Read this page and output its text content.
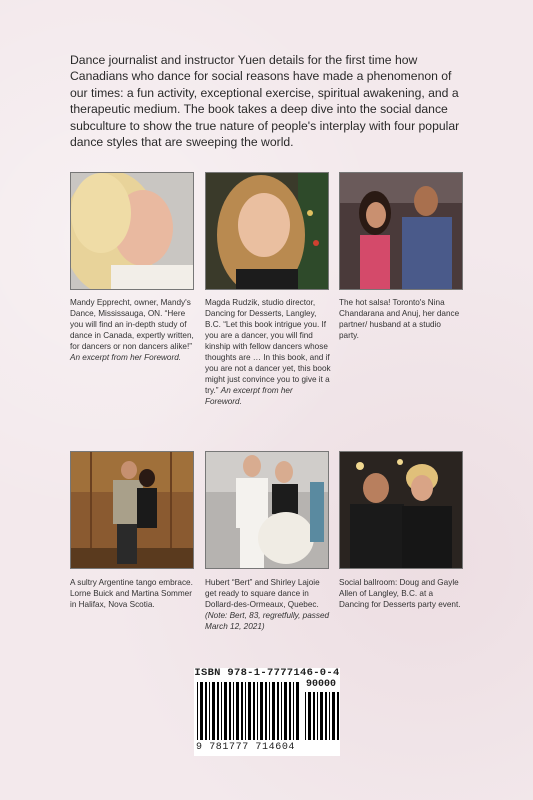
Dance journalist and instructor Yuen details for the first time how Canadians who dance for social reasons have made a phenomenon of our times: a fun activity, exceptional exercise, spiritual awakening, and a therapeutic medium. The book takes a deep dive into the social dance subculture to show the true nature of people's interplay with four popular dance styles that are sweeping the world.
Mandy Epprecht, owner, Mandy's Dance, Mississauga, ON. “Here you will find an in-depth study of dance in Canada, expertly written, for dancers or non dancers alike!” An excerpt from her Foreword.
Magda Rudzik, studio director, Dancing for Desserts, Langley, B.C. “Let this book intrigue you. If you are a dancer, you will find kinship with fellow dancers whose thoughts are … In this book, and if you are not a dancer yet, this book might just convince you to give it a try.” An excerpt from her Foreword.
The hot salsa! Toronto's Nina Chandarana and Anuj, her dance partner/ husband at a studio party.
A sultry Argentine tango embrace. Lorne Buick and Martina Sommer in Halifax, Nova Scotia.
Hubert “Bert” and Shirley Lajoie get ready to square dance in Dollard-des-Ormeaux, Quebec. (Note: Bert, 83, regretfully, passed March 12, 2021)
Social ballroom: Doug and Gayle Allen of Langley, B.C. at a Dancing for Desserts party event.
ISBN 978-1-7777146-0-4
90000
9 781777 714604
